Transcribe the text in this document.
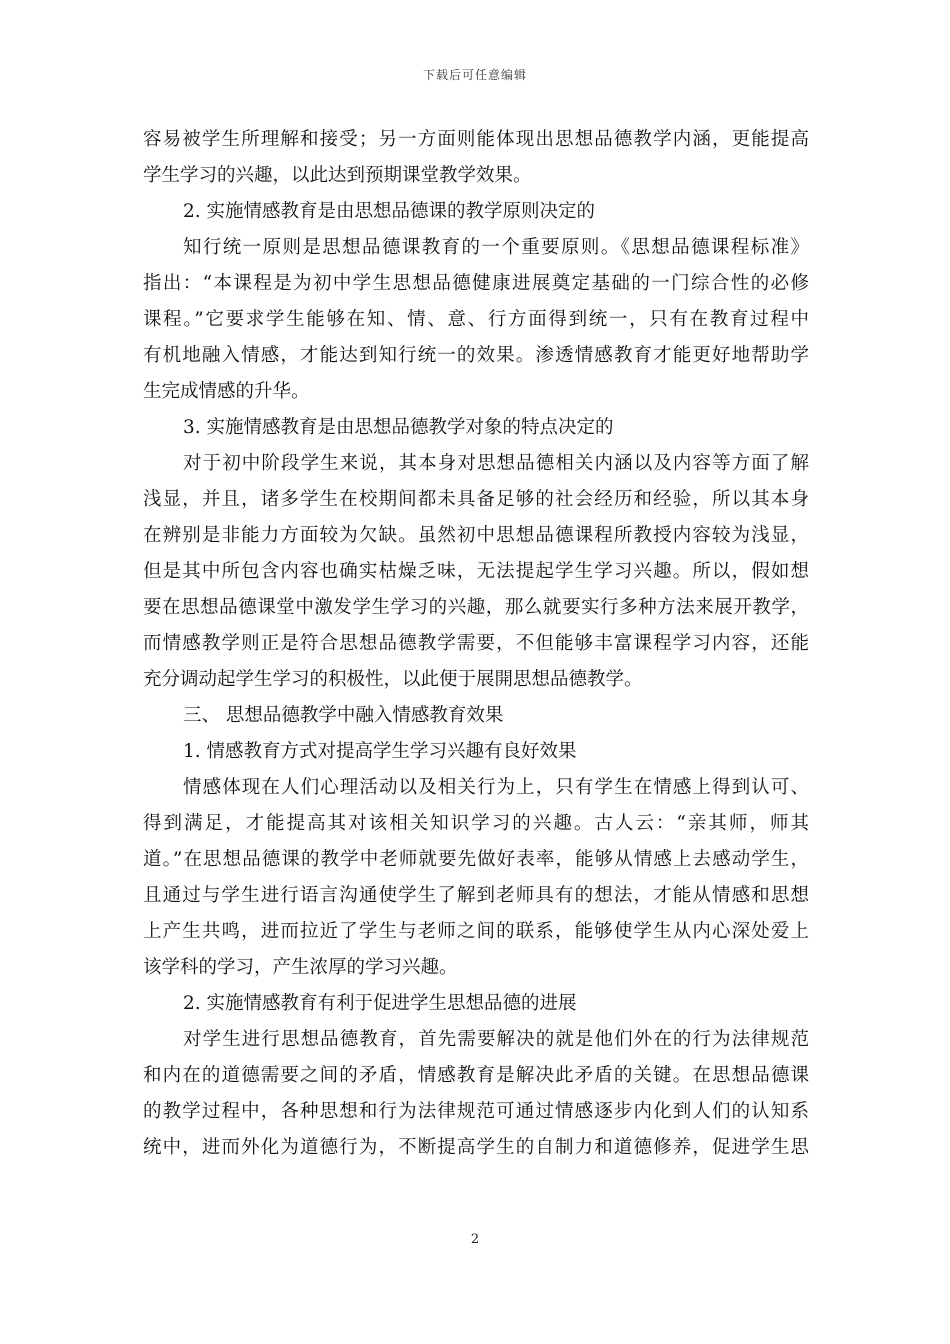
下载后可任意编辑
容易被学生所理解和接受；另一方面则能体现出思想品德教学内涵，更能提高
学生学习的兴趣，以此达到预期课堂教学效果。
2. 实施情感教育是由思想品德课的教学原则决定的
知行统一原则是思想品德课教育的一个重要原则。《思想品德课程标准》
指出：“本课程是为初中学生思想品德健康进展奠定基础的一门综合性的必修
课程。”它要求学生能够在知、情、意、行方面得到统一，只有在教育过程中
有机地融入情感，才能达到知行统一的效果。渗透情感教育才能更好地帮助学
生完成情感的升华。
3. 实施情感教育是由思想品德教学对象的特点决定的
对于初中阶段学生来说，其本身对思想品德相关内涵以及内容等方面了解
浅显，并且，诸多学生在校期间都未具备足够的社会经历和经验，所以其本身
在辨别是非能力方面较为欠缺。虽然初中思想品德课程所教授内容较为浅显，
但是其中所包含内容也确实枯燥乏味，无法提起学生学习兴趣。所以，假如想
要在思想品德课堂中激发学生学习的兴趣，那么就要实行多种方法来展开教学，
而情感教学则正是符合思想品德教学需要，不但能够丰富课程学习内容，还能
充分调动起学生学习的积极性，以此便于展開思想品德教学。
三、 思想品德教学中融入情感教育效果
1. 情感教育方式对提高学生学习兴趣有良好效果
情感体现在人们心理活动以及相关行为上，只有学生在情感上得到认可、
得到满足，才能提高其对该相关知识学习的兴趣。古人云：“亲其师，师其
道。”在思想品德课的教学中老师就要先做好表率，能够从情感上去感动学生，
且通过与学生进行语言沟通使学生了解到老师具有的想法，才能从情感和思想
上产生共鸣，进而拉近了学生与老师之间的联系，能够使学生从内心深处爱上
该学科的学习，产生浓厚的学习兴趣。
2. 实施情感教育有利于促进学生思想品德的进展
对学生进行思想品德教育，首先需要解决的就是他们外在的行为法律规范
和内在的道德需要之间的矛盾，情感教育是解决此矛盾的关键。在思想品德课
的教学过程中，各种思想和行为法律规范可通过情感逐步内化到人们的认知系
统中，进而外化为道德行为，不断提高学生的自制力和道德修养，促进学生思
2
